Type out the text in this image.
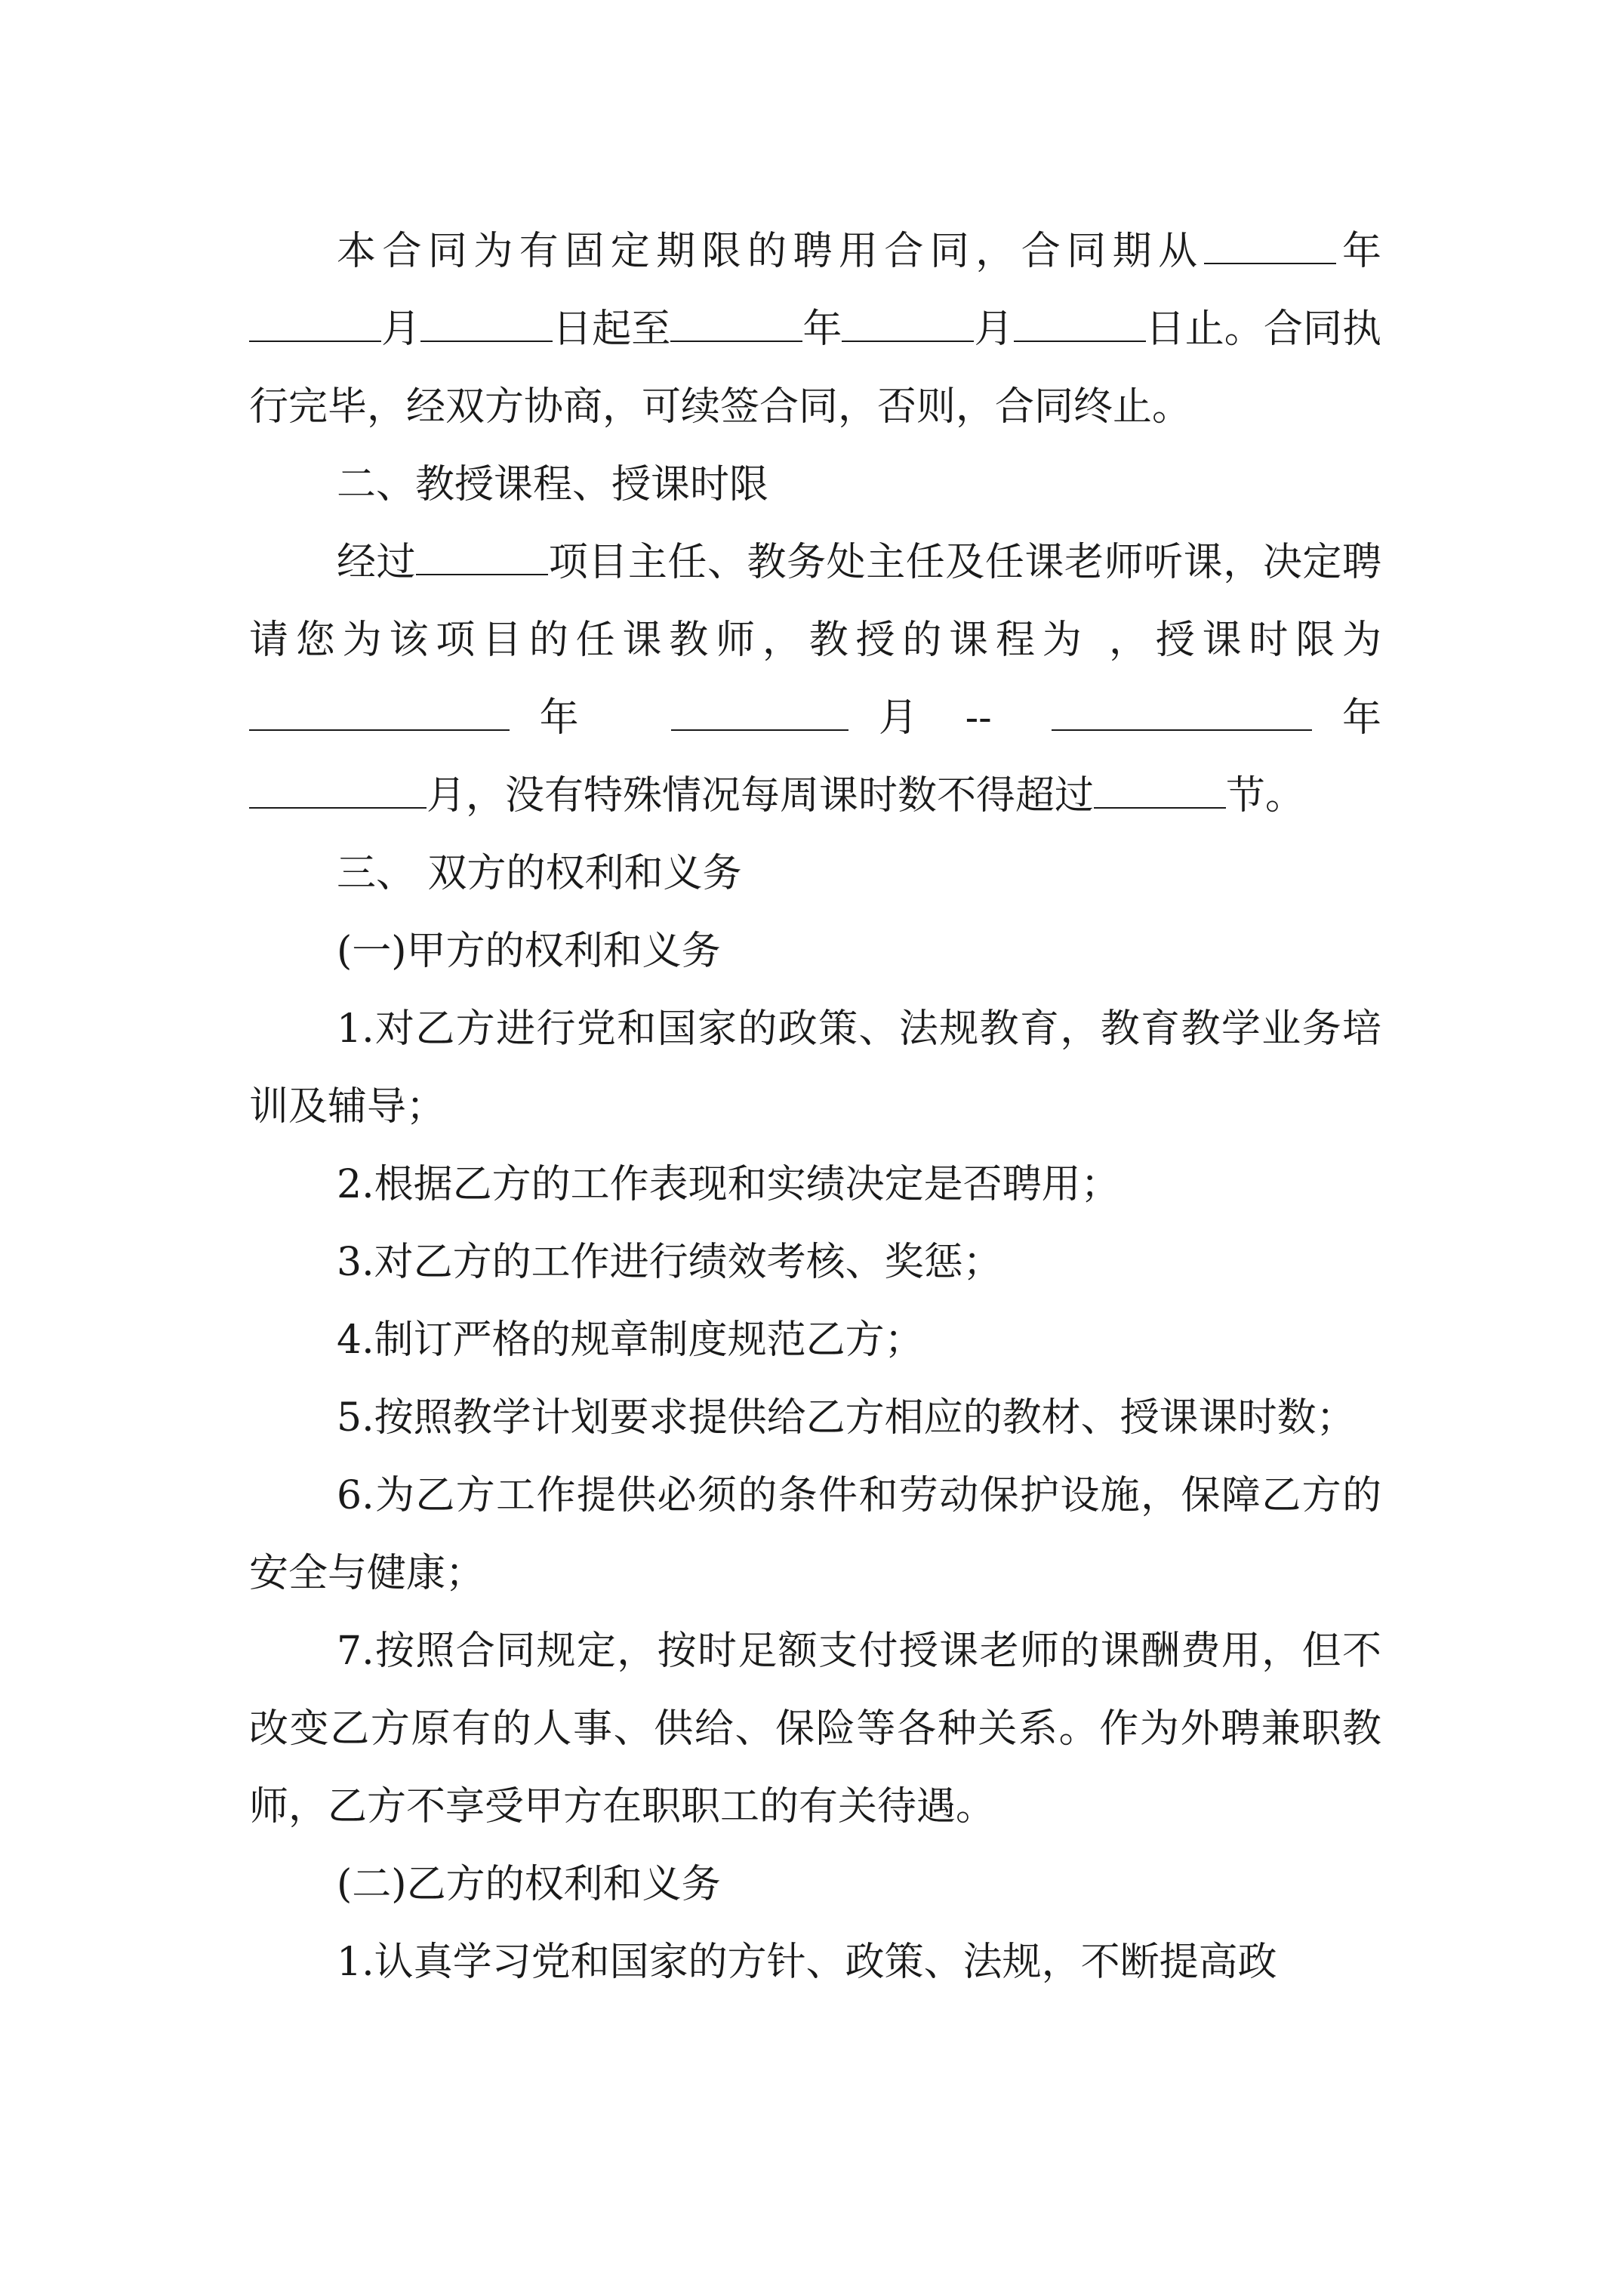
本合同为有固定期限的聘用合同，合同期从	年月	日起至	年	月	日止。合同执行完毕，经双方协商，可续签合同，否则，合同终止。

二、教授课程、授课时限

经过	项目主任、教务处主任及任课老师听课，决定聘请您为该项目的任课教师，教授的课程为 ，授课时限为  年	月 --	年 月，没有特殊情况每周课时数不得超过	节。

三、 双方的权利和义务

(一)甲方的权利和义务

1.对乙方进行党和国家的政策、法规教育，教育教学业务培训及辅导；

2.根据乙方的工作表现和实绩决定是否聘用；

3.对乙方的工作进行绩效考核、奖惩；

4.制订严格的规章制度规范乙方；

5.按照教学计划要求提供给乙方相应的教材、授课课时数；

6.为乙方工作提供必须的条件和劳动保护设施，保障乙方的安全与健康；

7.按照合同规定，按时足额支付授课老师的课酬费用，但不改变乙方原有的人事、供给、保险等各种关系。作为外聘兼职教师，乙方不享受甲方在职职工的有关待遇。

(二)乙方的权利和义务

1.认真学习党和国家的方针、政策、法规，不断提高政
